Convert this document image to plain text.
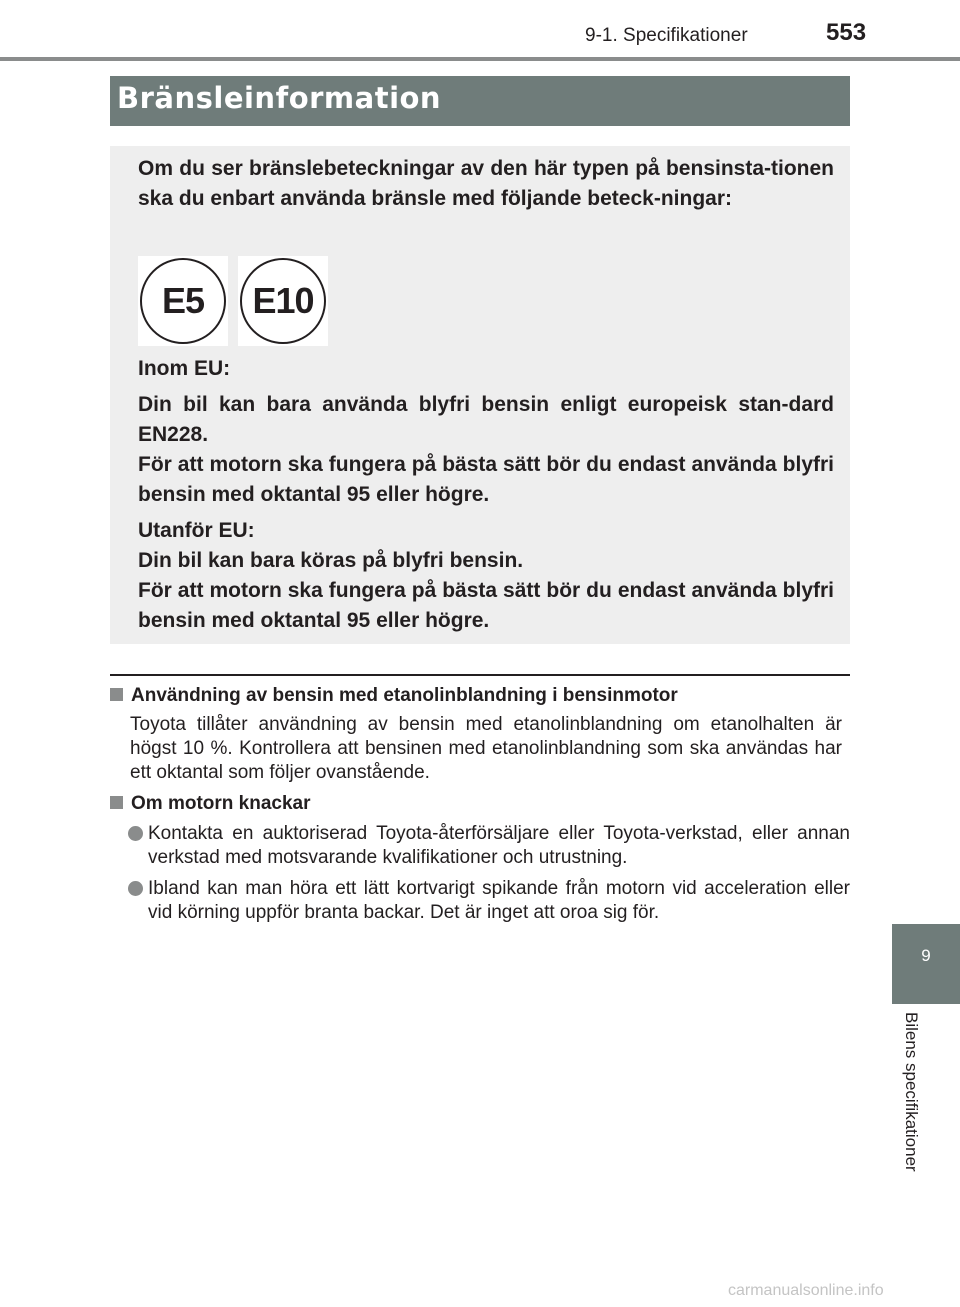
9-1. Specifikationer	553
Bränsleinformation
Om du ser bränslebeteckningar av den här typen på bensinsta-tionen ska du enbart använda bränsle med följande beteck-ningar:
E5	E10
Inom EU:
Din bil kan bara använda blyfri bensin enligt europeisk stan-dard EN228.
För att motorn ska fungera på bästa sätt bör du endast använda blyfri bensin med oktantal 95 eller högre.
Utanför EU:
Din bil kan bara köras på blyfri bensin.
För att motorn ska fungera på bästa sätt bör du endast använda blyfri bensin med oktantal 95 eller högre.
Användning av bensin med etanolinblandning i bensinmotor
Toyota tillåter användning av bensin med etanolinblandning om etanolhalten är högst 10 %. Kontrollera att bensinen med etanolinblandning som ska användas har ett oktantal som följer ovanstående.
Om motorn knackar
Kontakta en auktoriserad Toyota-återförsäljare eller Toyota-verkstad, eller annan verkstad med motsvarande kvalifikationer och utrustning.
Ibland kan man höra ett lätt kortvarigt spikande från motorn vid acceleration eller vid körning uppför branta backar. Det är inget att oroa sig för.
9
Bilens specifikationer
carmanualsonline.info
